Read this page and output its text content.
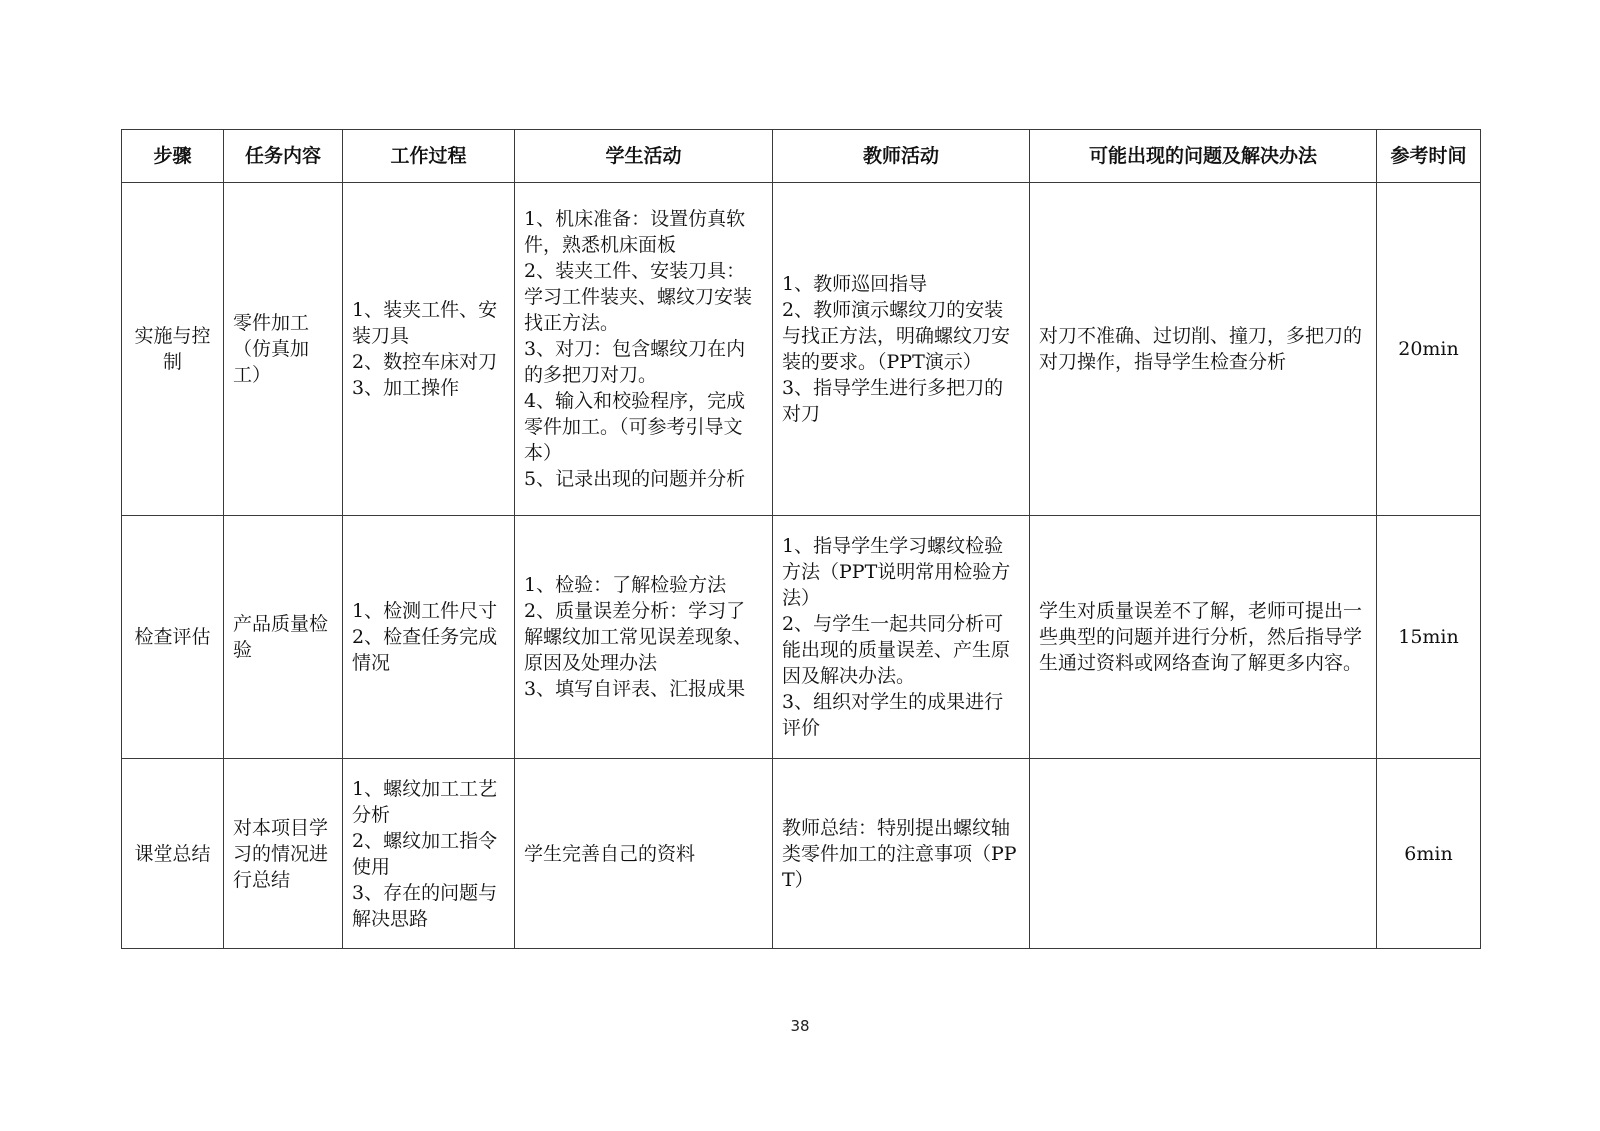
步骤	任务内容	工作过程	学生活动	教师活动	可能出现的问题及解决办法	参考时间
实施与控制	零件加工（仿真加工）	1、装夹工件、安装刀具
2、数控车床对刀
3、加工操作	1、机床准备：设置仿真软件，熟悉机床面板
2、装夹工件、安装刀具：学习工件装夹、螺纹刀安装找正方法。
3、对刀：包含螺纹刀在内的多把刀对刀。
4、输入和校验程序，完成零件加工。（可参考引导文本）
5、记录出现的问题并分析	1、教师巡回指导
2、教师演示螺纹刀的安装与找正方法，明确螺纹刀安装的要求。（PPT演示）
3、指导学生进行多把刀的对刀	对刀不准确、过切削、撞刀，多把刀的对刀操作，指导学生检查分析	20min
检查评估	产品质量检验	1、检测工件尺寸
2、检查任务完成情况	1、检验：了解检验方法
2、质量误差分析：学习了解螺纹加工常见误差现象、原因及处理办法
3、填写自评表、汇报成果	1、指导学生学习螺纹检验方法（PPT说明常用检验方法）
2、与学生一起共同分析可能出现的质量误差、产生原因及解决办法。
3、组织对学生的成果进行评价	学生对质量误差不了解，老师可提出一些典型的问题并进行分析，然后指导学生通过资料或网络查询了解更多内容。	15min
课堂总结	对本项目学习的情况进行总结	1、螺纹加工工艺分析
2、螺纹加工指令使用
3、存在的问题与解决思路	学生完善自己的资料	教师总结：特别提出螺纹轴类零件加工的注意事项（PPT）		6min
38
